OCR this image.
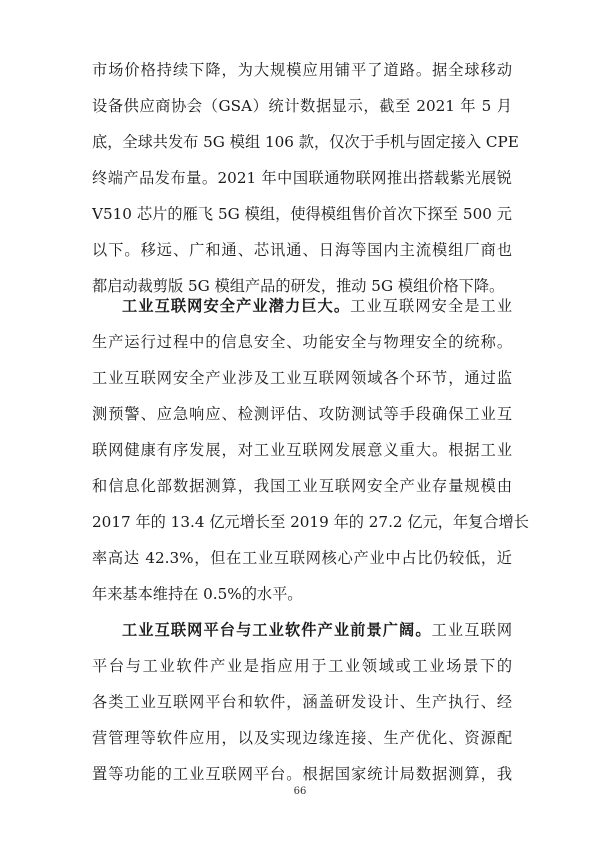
市场价格持续下降，为大规模应用铺平了道路。据全球移动
设备供应商协会（GSA）统计数据显示，截至 2021 年 5 月
底，全球共发布 5G 模组 106 款，仅次于手机与固定接入 CPE
终端产品发布量。2021 年中国联通物联网推出搭载紫光展锐
V510 芯片的雁飞 5G 模组，使得模组售价首次下探至 500 元
以下。移远、广和通、芯讯通、日海等国内主流模组厂商也
都启动裁剪版 5G 模组产品的研发，推动 5G 模组价格下降。
工业互联网安全产业潜力巨大。工业互联网安全是工业
生产运行过程中的信息安全、功能安全与物理安全的统称。
工业互联网安全产业涉及工业互联网领域各个环节，通过监
测预警、应急响应、检测评估、攻防测试等手段确保工业互
联网健康有序发展，对工业互联网发展意义重大。根据工业
和信息化部数据测算，我国工业互联网安全产业存量规模由
2017 年的 13.4 亿元增长至 2019 年的 27.2 亿元，年复合增长
率高达 42.3%，但在工业互联网核心产业中占比仍较低，近
年来基本维持在 0.5%的水平。
工业互联网平台与工业软件产业前景广阔。工业互联网
平台与工业软件产业是指应用于工业领域或工业场景下的
各类工业互联网平台和软件，涵盖研发设计、生产执行、经
营管理等软件应用，以及实现边缘连接、生产优化、资源配
66
置等功能的工业互联网平台。根据国家统计局数据测算，我
